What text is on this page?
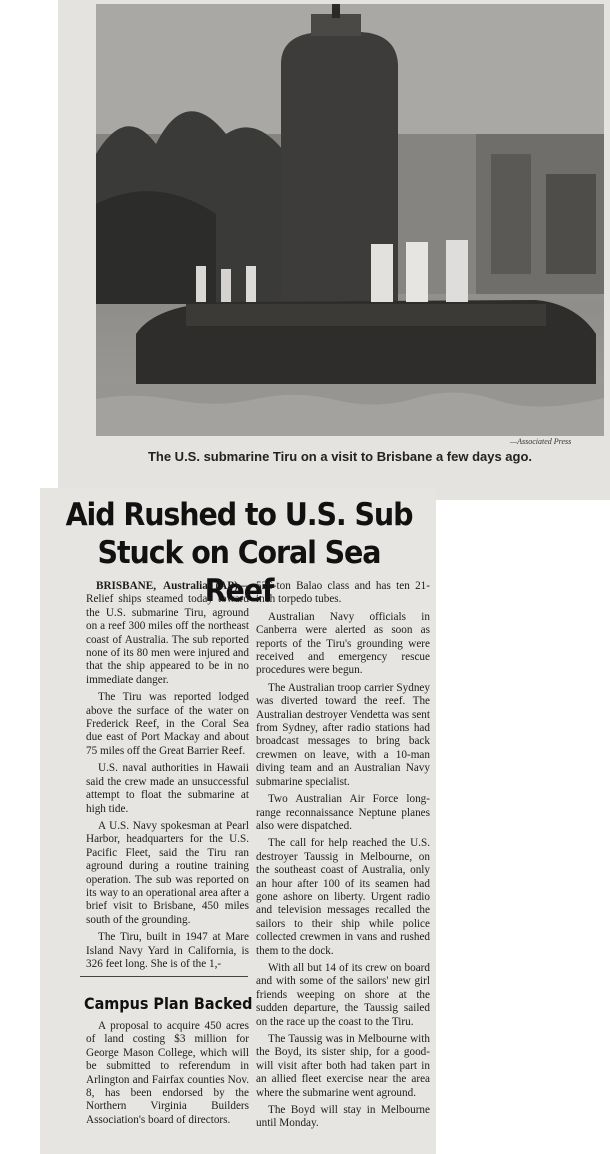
—Associated Press
The U.S. submarine Tiru on a visit to Brisbane a few days ago.
Aid Rushed to U.S. Sub Stuck on Coral Sea Reef

BRISBANE, Australia (AP)— Relief ships steamed today toward the U.S. submarine Tiru, aground on a reef 300 miles off the northeast coast of Australia. The sub reported none of its 80 men were injured and that the ship appeared to be in no immediate danger.

The Tiru was reported lodged above the surface of the water on Frederick Reef, in the Coral Sea due east of Port Mackay and about 75 miles off the Great Barrier Reef.

U.S. naval authorities in Hawaii said the crew made an unsuccessful attempt to float the submarine at high tide.

A U.S. Navy spokesman at Pearl Harbor, headquarters for the U.S. Pacific Fleet, said the Tiru ran aground during a routine training operation. The sub was reported on its way to an operational area after a brief visit to Brisbane, 450 miles south of the grounding.

The Tiru, built in 1947 at Mare Island Navy Yard in California, is 326 feet long. She is of the 1,-

526-ton Balao class and has ten 21-inch torpedo tubes.

Australian Navy officials in Canberra were alerted as soon as reports of the Tiru's grounding were received and emergency rescue procedures were begun.

The Australian troop carrier Sydney was diverted toward the reef. The Australian destroyer Vendetta was sent from Sydney, after radio stations had broadcast messages to bring back crewmen on leave, with a 10-man diving team and an Australian Navy submarine specialist.

Two Australian Air Force long-range reconnaissance Neptune planes also were dispatched.

The call for help reached the U.S. destroyer Taussig in Melbourne, on the southeast coast of Australia, only an hour after 100 of its seamen had gone ashore on liberty. Urgent radio and television messages recalled the sailors to their ship while police collected crewmen in vans and rushed them to the dock.

With all but 14 of its crew on board and with some of the sailors' new girl friends weeping on shore at the sudden departure, the Taussig sailed on the race up the coast to the Tiru.

The Taussig was in Melbourne with the Boyd, its sister ship, for a good-will visit after both had taken part in an allied fleet exercise near the area where the submarine went aground.

The Boyd will stay in Melbourne until Monday.

Campus Plan Backed

A proposal to acquire 450 acres of land costing $3 million for George Mason College, which will be submitted to referendum in Arlington and Fairfax counties Nov. 8, has been endorsed by the Northern Virginia Builders Association's board of directors.
